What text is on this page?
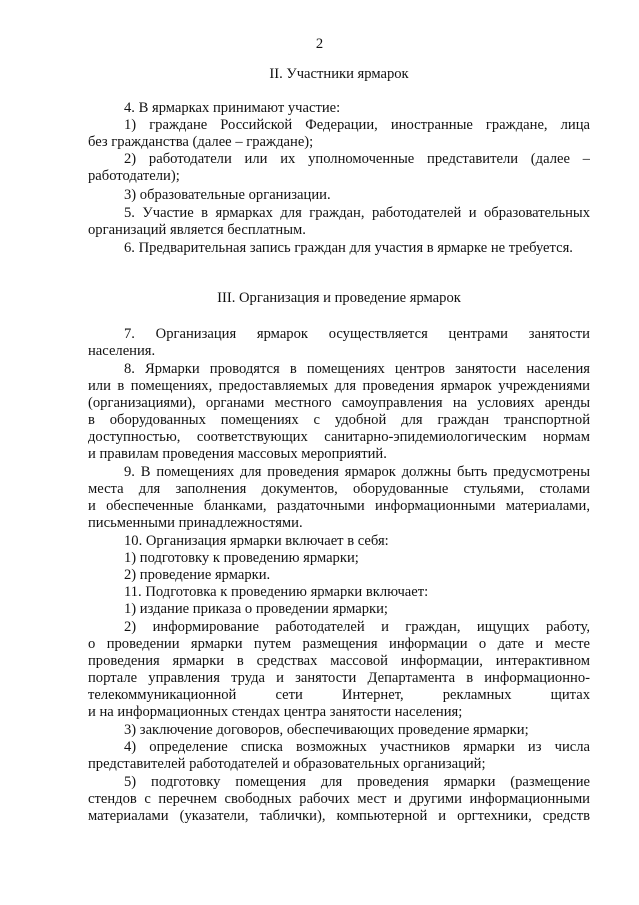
2
II. Участники ярмарок
4. В ярмарках принимают участие:
1) граждане Российской Федерации, иностранные граждане, лица
без гражданства (далее – граждане);
2) работодатели или их уполномоченные представители (далее –
работодатели);
3) образовательные организации.
5. Участие в ярмарках для граждан, работодателей и образовательных
организаций является бесплатным.
6. Предварительная запись граждан для участия в ярмарке не требуется.
III. Организация и проведение ярмарок
7. Организация ярмарок осуществляется центрами занятости
населения.
8. Ярмарки проводятся в помещениях центров занятости населения
или в помещениях, предоставляемых для проведения ярмарок учреждениями
(организациями), органами местного самоуправления на условиях аренды
в оборудованных помещениях с удобной для граждан транспортной
доступностью, соответствующих санитарно-эпидемиологическим нормам
и правилам проведения массовых мероприятий.
9. В помещениях для проведения ярмарок должны быть предусмотрены
места для заполнения документов, оборудованные стульями, столами
и обеспеченные бланками, раздаточными информационными материалами,
письменными принадлежностями.
10. Организация ярмарки включает в себя:
1) подготовку к проведению ярмарки;
2) проведение ярмарки.
11. Подготовка к проведению ярмарки включает:
1) издание приказа о проведении ярмарки;
2) информирование работодателей и граждан, ищущих работу,
о проведении ярмарки путем размещения информации о дате и месте
проведения ярмарки в средствах массовой информации, интерактивном
портале управления труда и занятости Департамента в информационно-
телекоммуникационной сети Интернет, рекламных щитах
и на информационных стендах центра занятости населения;
3) заключение договоров, обеспечивающих проведение ярмарки;
4) определение списка возможных участников ярмарки из числа
представителей работодателей и образовательных организаций;
5) подготовку помещения для проведения ярмарки (размещение
стендов с перечнем свободных рабочих мест и другими информационными
материалами (указатели, таблички), компьютерной и оргтехники, средств
